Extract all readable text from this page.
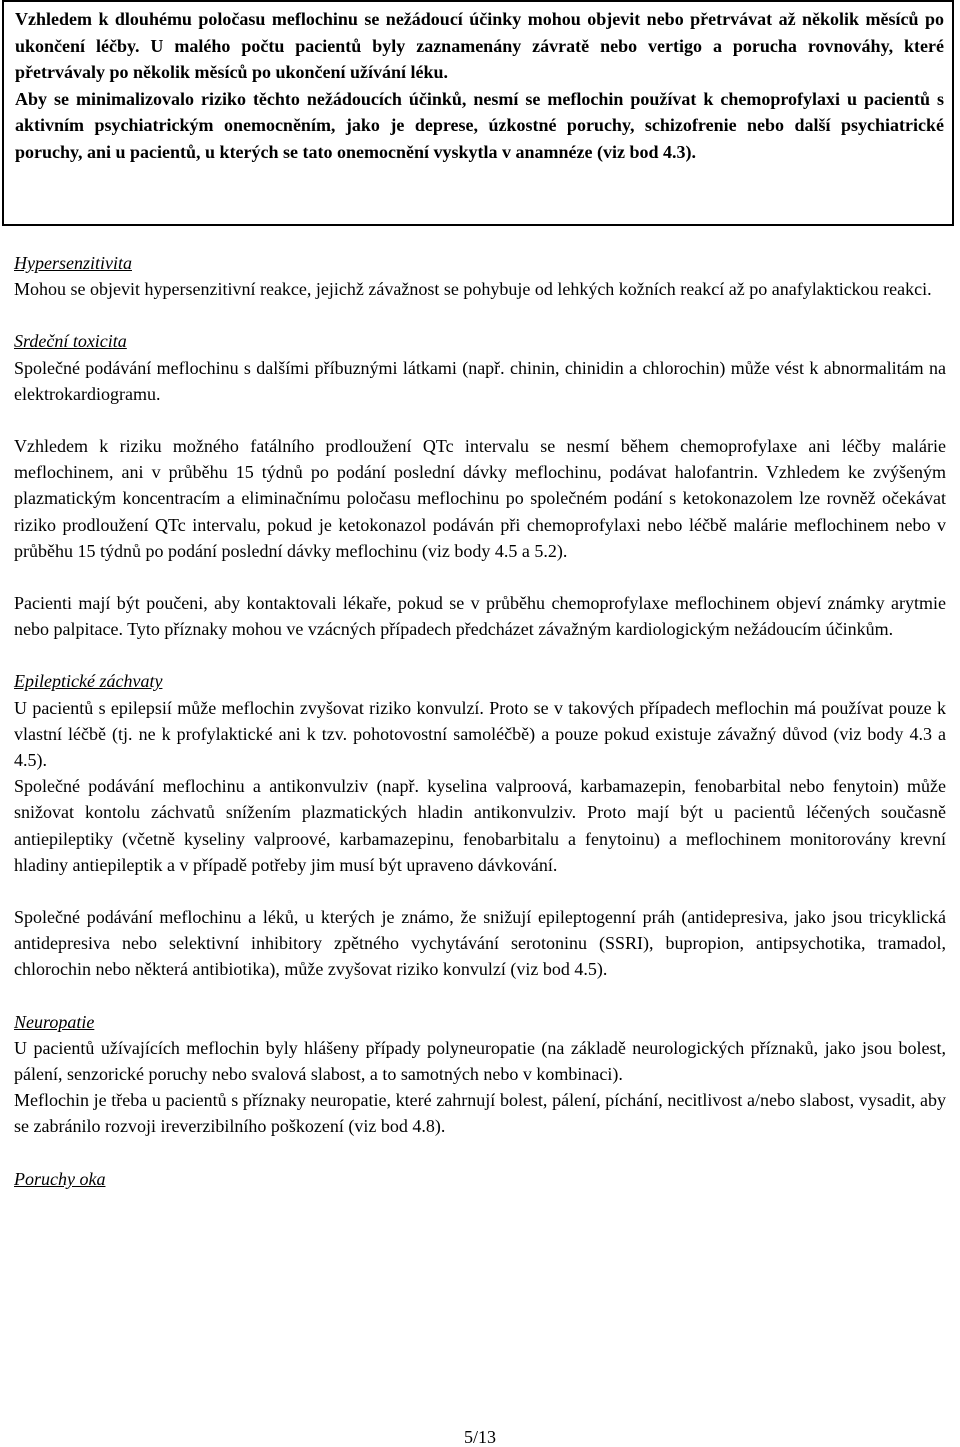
Vzhledem k dlouhému poločasu meflochinu se nežádoucí účinky mohou objevit nebo přetrvávat až několik měsíců po ukončení léčby. U malého počtu pacientů byly zaznamenány závratě nebo vertigo a porucha rovnováhy, které přetrvávaly po několik měsíců po ukončení užívání léku.

Aby se minimalizovalo riziko těchto nežádoucích účinků, nesmí se meflochin používat k chemoprofylaxi u pacientů s aktivním psychiatrickým onemocněním, jako je deprese, úzkostné poruchy, schizofrenie nebo další psychiatrické poruchy, ani u pacientů, u kterých se tato onemocnění vyskytla v anamnéze (viz bod 4.3).

Hypersenzitivita

Mohou se objevit hypersenzitivní reakce, jejichž závažnost se pohybuje od lehkých kožních reakcí až po anafylaktickou reakci.

Srdeční toxicita

Společné podávání meflochinu s dalšími příbuznými látkami (např. chinin, chinidin a chlorochin) může vést k abnormalitám na elektrokardiogramu.

Vzhledem k riziku možného fatálního prodloužení QTc intervalu se nesmí během chemoprofylaxe ani léčby malárie meflochinem, ani v průběhu 15 týdnů po podání poslední dávky meflochinu, podávat halofantrin. Vzhledem ke zvýšeným plazmatickým koncentracím a eliminačnímu poločasu meflochinu po společném podání s ketokonazolem lze rovněž očekávat riziko prodloužení QTc intervalu, pokud je ketokonazol podáván při chemoprofylaxi nebo léčbě malárie meflochinem nebo v průběhu 15 týdnů po podání poslední dávky meflochinu (viz body 4.5 a 5.2).

Pacienti mají být poučeni, aby kontaktovali lékaře, pokud se v průběhu chemoprofylaxe meflochinem objeví známky arytmie nebo palpitace. Tyto příznaky mohou ve vzácných případech předcházet závažným kardiologickým nežádoucím účinkům.

Epileptické záchvaty

U pacientů s epilepsií může meflochin zvyšovat riziko konvulzí. Proto se v takových případech meflochin má používat pouze k vlastní léčbě (tj. ne k profylaktické ani k tzv. pohotovostní samoléčbě) a pouze pokud existuje závažný důvod (viz body 4.3 a 4.5).

Společné podávání meflochinu a antikonvulziv (např. kyselina valproová, karbamazepin, fenobarbital nebo fenytoin) může snižovat kontolu záchvatů snížením plazmatických hladin antikonvulziv. Proto mají být u pacientů léčených současně antiepileptiky (včetně kyseliny valproové, karbamazepinu, fenobarbitalu a fenytoinu) a meflochinem monitorovány krevní hladiny antiepileptik a v případě potřeby jim musí být upraveno dávkování.

Společné podávání meflochinu a léků, u kterých je známo, že snižují epileptogenní práh (antidepresiva, jako jsou tricyklická antidepresiva nebo selektivní inhibitory zpětného vychytávání serotoninu (SSRI), bupropion, antipsychotika, tramadol, chlorochin nebo některá antibiotika), může zvyšovat riziko konvulzí (viz bod 4.5).

Neuropatie

U pacientů užívajících meflochin byly hlášeny případy polyneuropatie (na základě neurologických příznaků, jako jsou bolest, pálení, senzorické poruchy nebo svalová slabost, a to samotných nebo v kombinaci).

Meflochin je třeba u pacientů s příznaky neuropatie, které zahrnují bolest, pálení, píchání, necitlivost a/nebo slabost, vysadit, aby se zabránilo rozvoji ireverzibilního poškození (viz bod 4.8).

Poruchy oka

5/13
